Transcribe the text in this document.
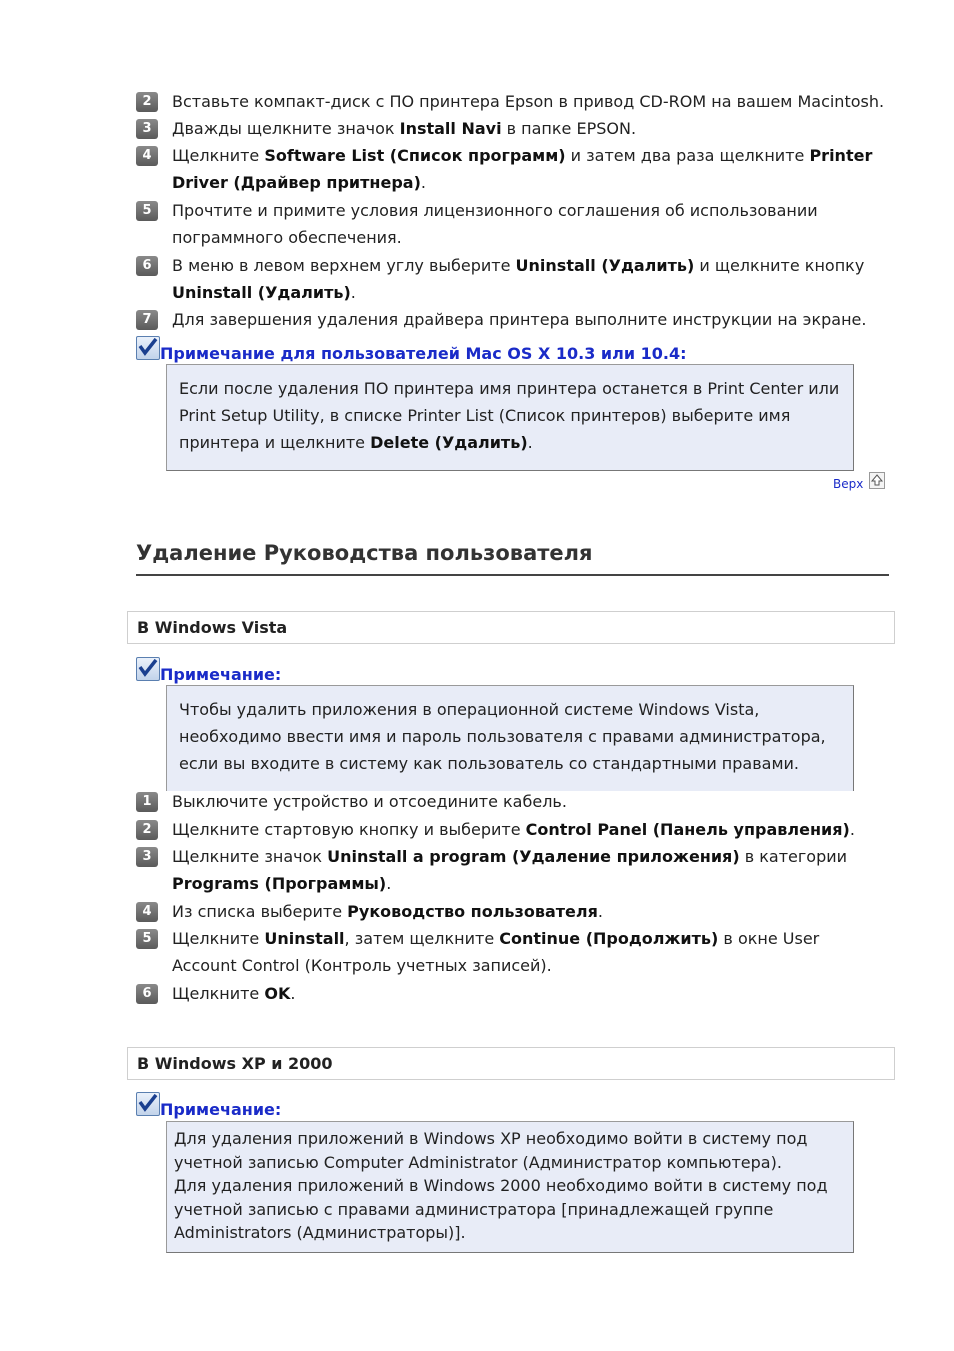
2	Вставьте компакт-диск с ПО принтера Epson в привод CD-ROM на вашем Macintosh.
3	Дважды щелкните значок Install Navi в папке EPSON.
4	Щелкните Software List (Список программ) и затем два раза щелкните Printer Driver (Драйвер притнера).
5	Прочтите и примите условия лицензионного соглашения об использовании пограммного обеспечения.
6	В меню в левом верхнем углу выберите Uninstall (Удалить) и щелкните кнопку Uninstall (Удалить).
7	Для завершения удаления драйвера принтера выполните инструкции на экране.
Примечание для пользователей Mac OS X 10.3 или 10.4:
Если после удаления ПО принтера имя принтера останется в Print Center или Print Setup Utility, в списке Printer List (Список принтеров) выберите имя принтера и щелкните Delete (Удалить).
Верх
Удаление Руководства пользователя
В Windows Vista
Примечание:
Чтобы удалить приложения в операционной системе Windows Vista, необходимо ввести имя и пароль пользователя с правами администратора, если вы входите в систему как пользователь со стандартными правами.
1	Выключите устройство и отсоедините кабель.
2	Щелкните стартовую кнопку и выберите Control Panel (Панель управления).
3	Щелкните значок Uninstall a program (Удаление приложения) в категории Programs (Программы).
4	Из списка выберите Руководство пользователя.
5	Щелкните Uninstall, затем щелкните Continue (Продолжить) в окне User Account Control (Контроль учетных записей).
6	Щелкните OK.
В Windows XP и 2000
Примечание:
Для удаления приложений в Windows XP необходимо войти в систему под учетной записью Computer Administrator (Администратор компьютера).
Для удаления приложений в Windows 2000 необходимо войти в систему под учетной записью с правами администратора [принадлежащей группе Administrators (Администраторы)].
